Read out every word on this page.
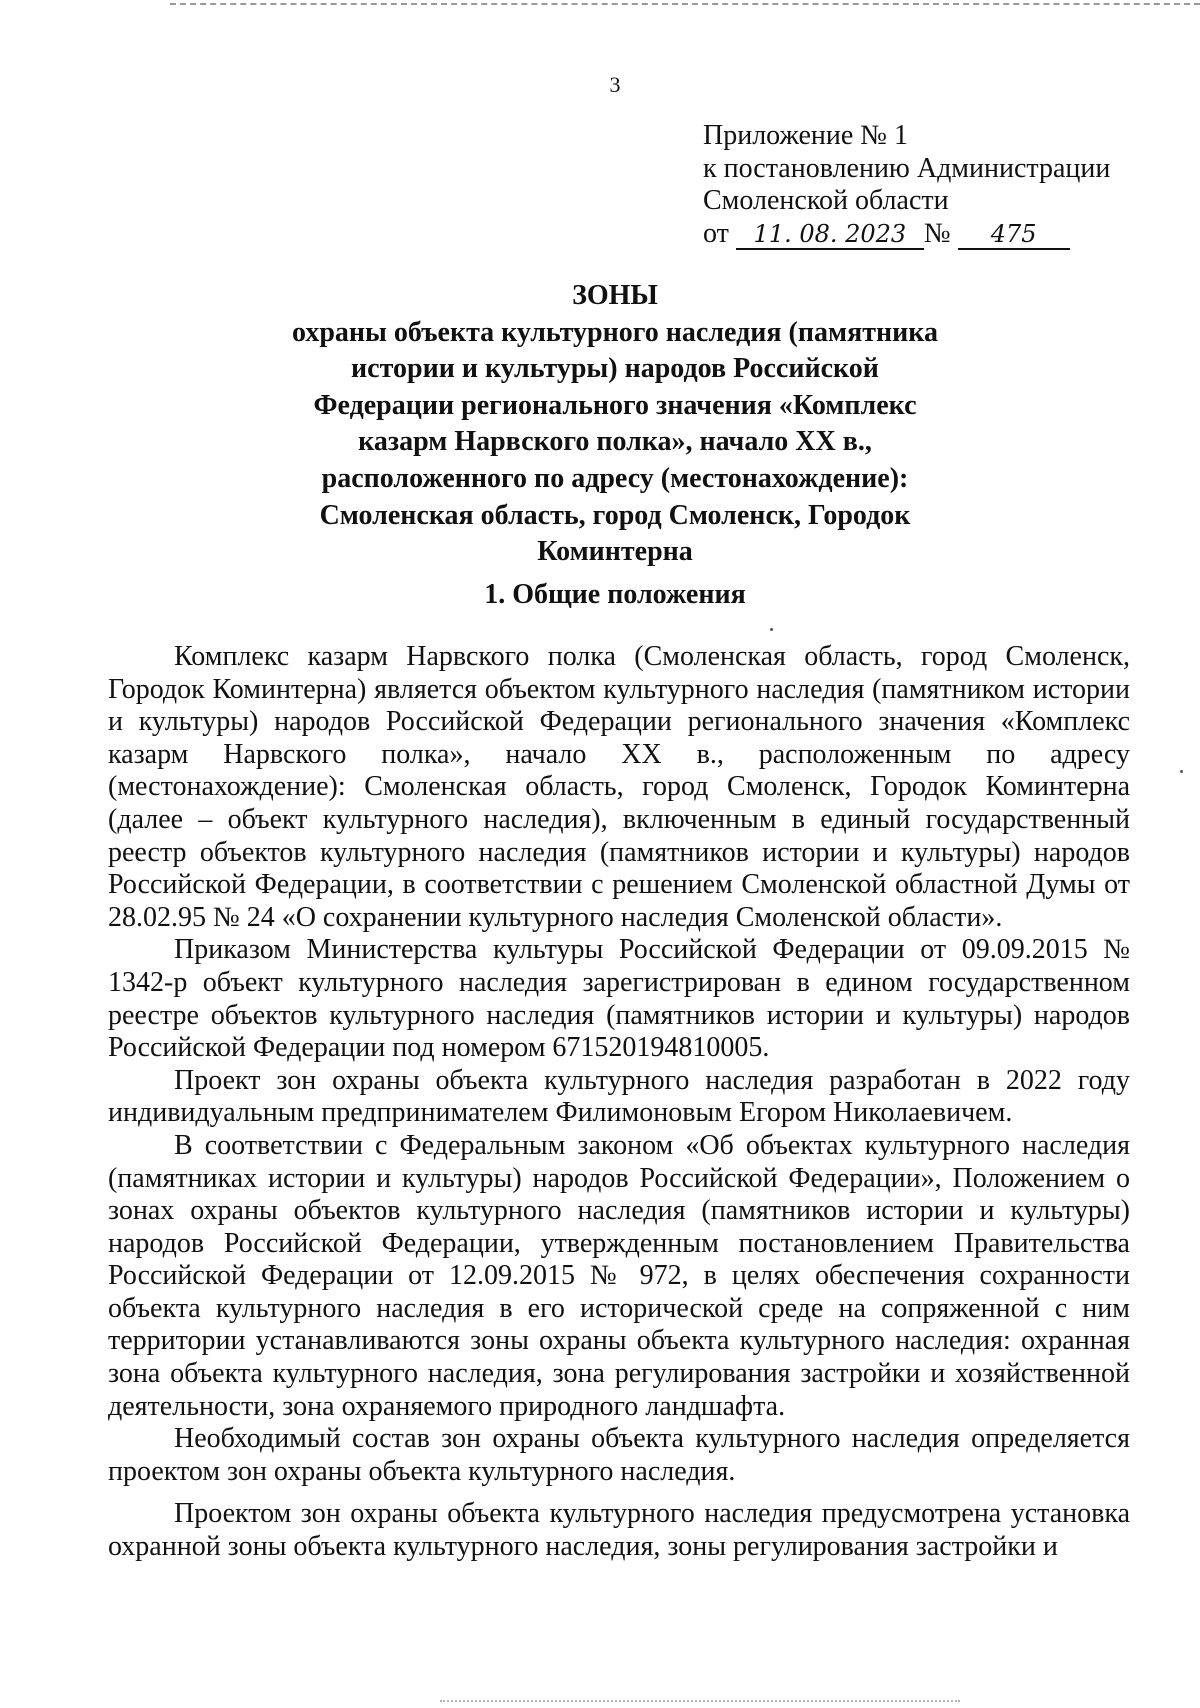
3
Приложение № 1
к постановлению Администрации
Смоленской области
от 11. 08. 2023 № 475
ЗОНЫ
охраны объекта культурного наследия (памятника
истории и культуры) народов Российской
Федерации регионального значения «Комплекс
казарм Нарвского полка», начало XX в.,
расположенного по адресу (местонахождение):
Смоленская область, город Смоленск, Городок
Коминтерна
1. Общие положения

Комплекс казарм Нарвского полка (Смоленская область, город Смоленск, Городок Коминтерна) является объектом культурного наследия (памятником истории и культуры) народов Российской Федерации регионального значения «Комплекс казарм Нарвского полка», начало XX в., расположенным по адресу (местонахождение): Смоленская область, город Смоленск, Городок Коминтерна (далее – объект культурного наследия), включенным в единый государственный реестр объектов культурного наследия (памятников истории и культуры) народов Российской Федерации, в соответствии с решением Смоленской областной Думы от 28.02.95 № 24 «О сохранении культурного наследия Смоленской области».

Приказом Министерства культуры Российской Федерации от 09.09.2015 № 1342-р объект культурного наследия зарегистрирован в едином государственном реестре объектов культурного наследия (памятников истории и культуры) народов Российской Федерации под номером 671520194810005.

Проект зон охраны объекта культурного наследия разработан в 2022 году индивидуальным предпринимателем Филимоновым Егором Николаевичем.

В соответствии с Федеральным законом «Об объектах культурного наследия (памятниках истории и культуры) народов Российской Федерации», Положением о зонах охраны объектов культурного наследия (памятников истории и культуры) народов Российской Федерации, утвержденным постановлением Правительства Российской Федерации от 12.09.2015 № 972, в целях обеспечения сохранности объекта культурного наследия в его исторической среде на сопряженной с ним территории устанавливаются зоны охраны объекта культурного наследия: охранная зона объекта культурного наследия, зона регулирования застройки и хозяйственной деятельности, зона охраняемого природного ландшафта.

Необходимый состав зон охраны объекта культурного наследия определяется проектом зон охраны объекта культурного наследия.

Проектом зон охраны объекта культурного наследия предусмотрена установка охранной зоны объекта культурного наследия, зоны регулирования застройки и
